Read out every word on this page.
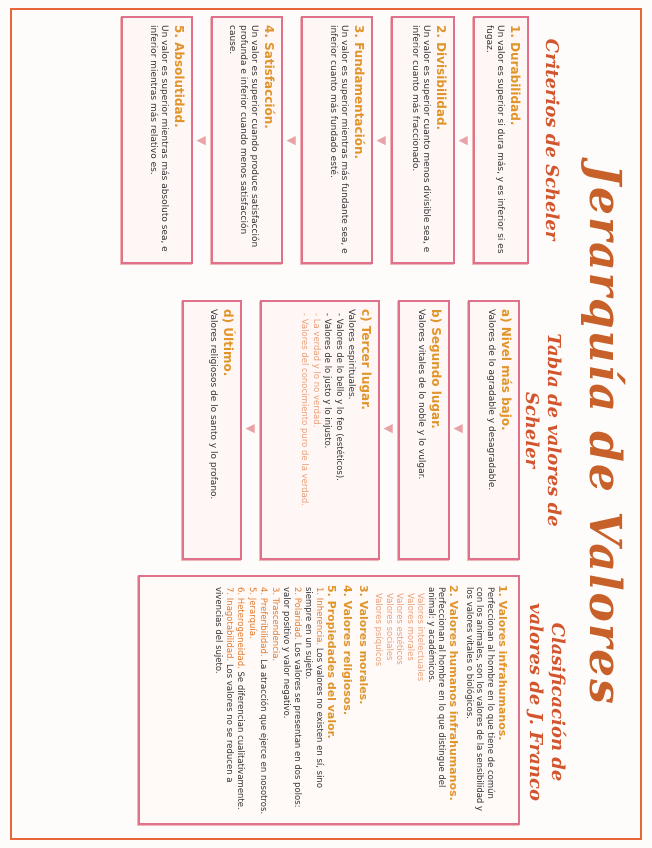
Jerarquía de Valores
Criterios de Scheler
1. Durabilidad.

Un valor es superior si dura más, y es inferior si es fugaz.

▼
2. Divisibilidad.

Un valor es superior cuanto menos divisible sea, e inferior cuanto más fraccionado.

▼
3. Fundamentación.

Un valor es superior mientras más fundante sea, e inferior cuanto más fundado esté.

▼
4. Satisfacción.

Un valor es superior cuando produce satisfacción profunda e inferior cuando menos satisfacción cause.

▼
5. Absolutidad.

Un valor es superior mientras más absoluto sea, e inferior mientras más relativo es.

Tabla de valores de Scheler
a) Nivel más bajo.

Valores de lo agradable y desagradable.

▼
b) Segundo lugar.

Valores vitales de lo noble y lo vulgar.

▼
c) Tercer lugar.

Valores espirituales.

- Valores de lo bello y lo feo (estéticos).

- Valores de lo justo y lo injusto.

- La verdad y lo no verdad.

- Valores del conocimiento puro de la verdad.

▼
d) Último.

Valores religiosos de lo santo y lo profano.

Clasificación de valores de J. Franco

1. Valores infrahumanos.

Perfeccionan al hombre en lo que tiene de común con los animales, son los valores de la sensibilidad y los valores vitales o biológicos.

2. Valores humanos infrahumanos.

Perfeccionan al hombre en lo que distingue del animal: y académicos.

Valores intelectuales

Valores morales

Valores estéticos

Valores sociales

Valores psíquicos

3. Valores morales.

4. Valores religiosos.

5. Propiedades del valor.

1. Inherencia. Los valores no existen en sí, sino siempre en un sujeto.

2. Polaridad. Los valores se presentan en dos polos: valor positivo y valor negativo.

3. Trascendencia.

4. Preferibilidad. La atracción que ejerce en nosotros.

5. Jerarquía.

6. Heterogeneidad. Se diferencian cualitativamente.

7. Inagotabilidad. Los valores no se reducen a vivencias del sujeto.
